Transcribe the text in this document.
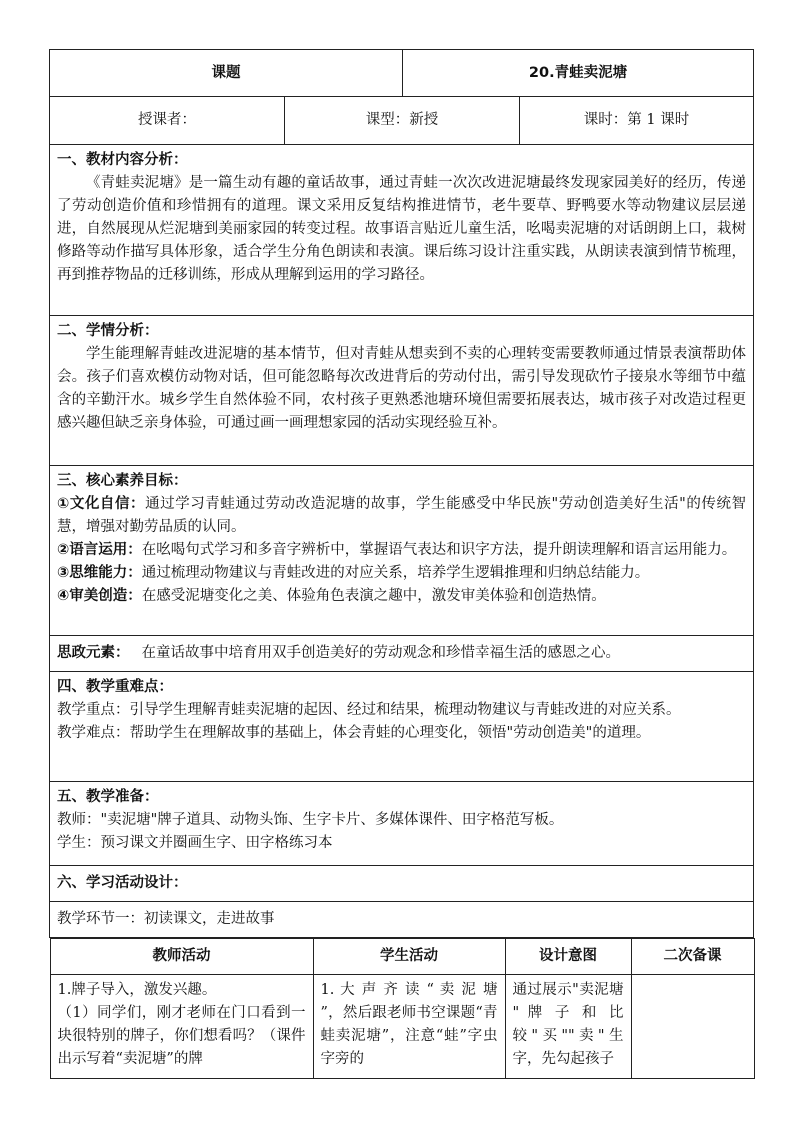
课题	20.青蛙卖泥塘
授课者：	课型：新授	课时：第 1 课时

一、教材内容分析：

《青蛙卖泥塘》是一篇生动有趣的童话故事，通过青蛙一次次改进泥塘最终发现家园美好的经历，传递了劳动创造价值和珍惜拥有的道理。课文采用反复结构推进情节，老牛要草、野鸭要水等动物建议层层递进，自然展现从烂泥塘到美丽家园的转变过程。故事语言贴近儿童生活，吆喝卖泥塘的对话朗朗上口，栽树修路等动作描写具体形象，适合学生分角色朗读和表演。课后练习设计注重实践，从朗读表演到情节梳理，再到推荐物品的迁移训练，形成从理解到运用的学习路径。

二、学情分析：

学生能理解青蛙改进泥塘的基本情节，但对青蛙从想卖到不卖的心理转变需要教师通过情景表演帮助体会。孩子们喜欢模仿动物对话，但可能忽略每次改进背后的劳动付出，需引导发现砍竹子接泉水等细节中蕴含的辛勤汗水。城乡学生自然体验不同，农村孩子更熟悉池塘环境但需要拓展表达，城市孩子对改造过程更感兴趣但缺乏亲身体验，可通过画一画理想家园的活动实现经验互补。

三、核心素养目标：

①文化自信：通过学习青蛙通过劳动改造泥塘的故事，学生能感受中华民族"劳动创造美好生活"的传统智慧，增强对勤劳品质的认同。

②语言运用：在吆喝句式学习和多音字辨析中，掌握语气表达和识字方法，提升朗读理解和语言运用能力。

③思维能力：通过梳理动物建议与青蛙改进的对应关系，培养学生逻辑推理和归纳总结能力。

④审美创造：在感受泥塘变化之美、体验角色表演之趣中，激发审美体验和创造热情。

思政元素： 在童话故事中培育用双手创造美好的劳动观念和珍惜幸福生活的感恩之心。

四、教学重难点：

教学重点：引导学生理解青蛙卖泥塘的起因、经过和结果，梳理动物建议与青蛙改进的对应关系。

教学难点：帮助学生在理解故事的基础上，体会青蛙的心理变化，领悟"劳动创造美"的道理。

五、教学准备：

教师："卖泥塘"牌子道具、动物头饰、生字卡片、多媒体课件、田字格范写板。

学生：预习课文并圈画生字、田字格练习本

六、学习活动设计：
教学环节一：初读课文，走进故事

教师活动	学生活动	设计意图	二次备课
1.牌子导入，激发兴趣。
（1）同学们，刚才老师在门口看到一块很特别的牌子，你们想看吗？（课件出示写着“卖泥塘”的牌	1. 大 声 齐 读 “ 卖 泥 塘 ”，然后跟老师书空课题“青蛙卖泥塘”，注意“蛙”字虫字旁的	通过展示"卖泥塘 " 牌 子 和 比较"买""卖"生字，先勾起孩子	
